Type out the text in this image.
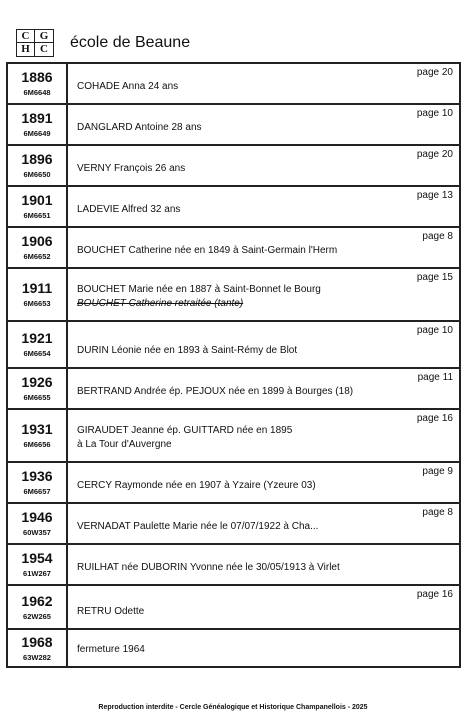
C G
H C	école de Beaune
1886
6M6648
page 20
COHADE Anna 24 ans
1891
6M6649
page 10
DANGLARD Antoine 28 ans
1896
6M6650
page 20
VERNY François 26 ans
1901
6M6651
page 13
LADEVIE Alfred 32 ans
1906
6M6652
page 8
BOUCHET Catherine née en 1849 à Saint-Germain l'Herm
1911
6M6653
page 15
BOUCHET Marie née en 1887 à Saint-Bonnet le Bourg
BOUCHET Catherine retraitée (tante)
1921
6M6654
page 10
DURIN Léonie née en 1893 à Saint-Rémy de Blot
1926
6M6655
page 11
BERTRAND Andrée ép. PEJOUX née en 1899 à Bourges (18)
1931
6M6656
page 16
GIRAUDET Jeanne ép. GUITTARD née en 1895
à La Tour d'Auvergne
1936
6M6657
page 9
CERCY Raymonde née en 1907 à Yzaire (Yzeure 03)
1946
60W357
page 8
VERNADAT Paulette Marie née le 07/07/1922 à Cha...
1954
61W267
RUILHAT née DUBORIN Yvonne née le 30/05/1913 à Virlet
1962
62W265
page 16
RETRU Odette
1968
63W282
fermeture 1964
Reproduction interdite - Cercle Généalogique et Historique Champanellois - 2025
